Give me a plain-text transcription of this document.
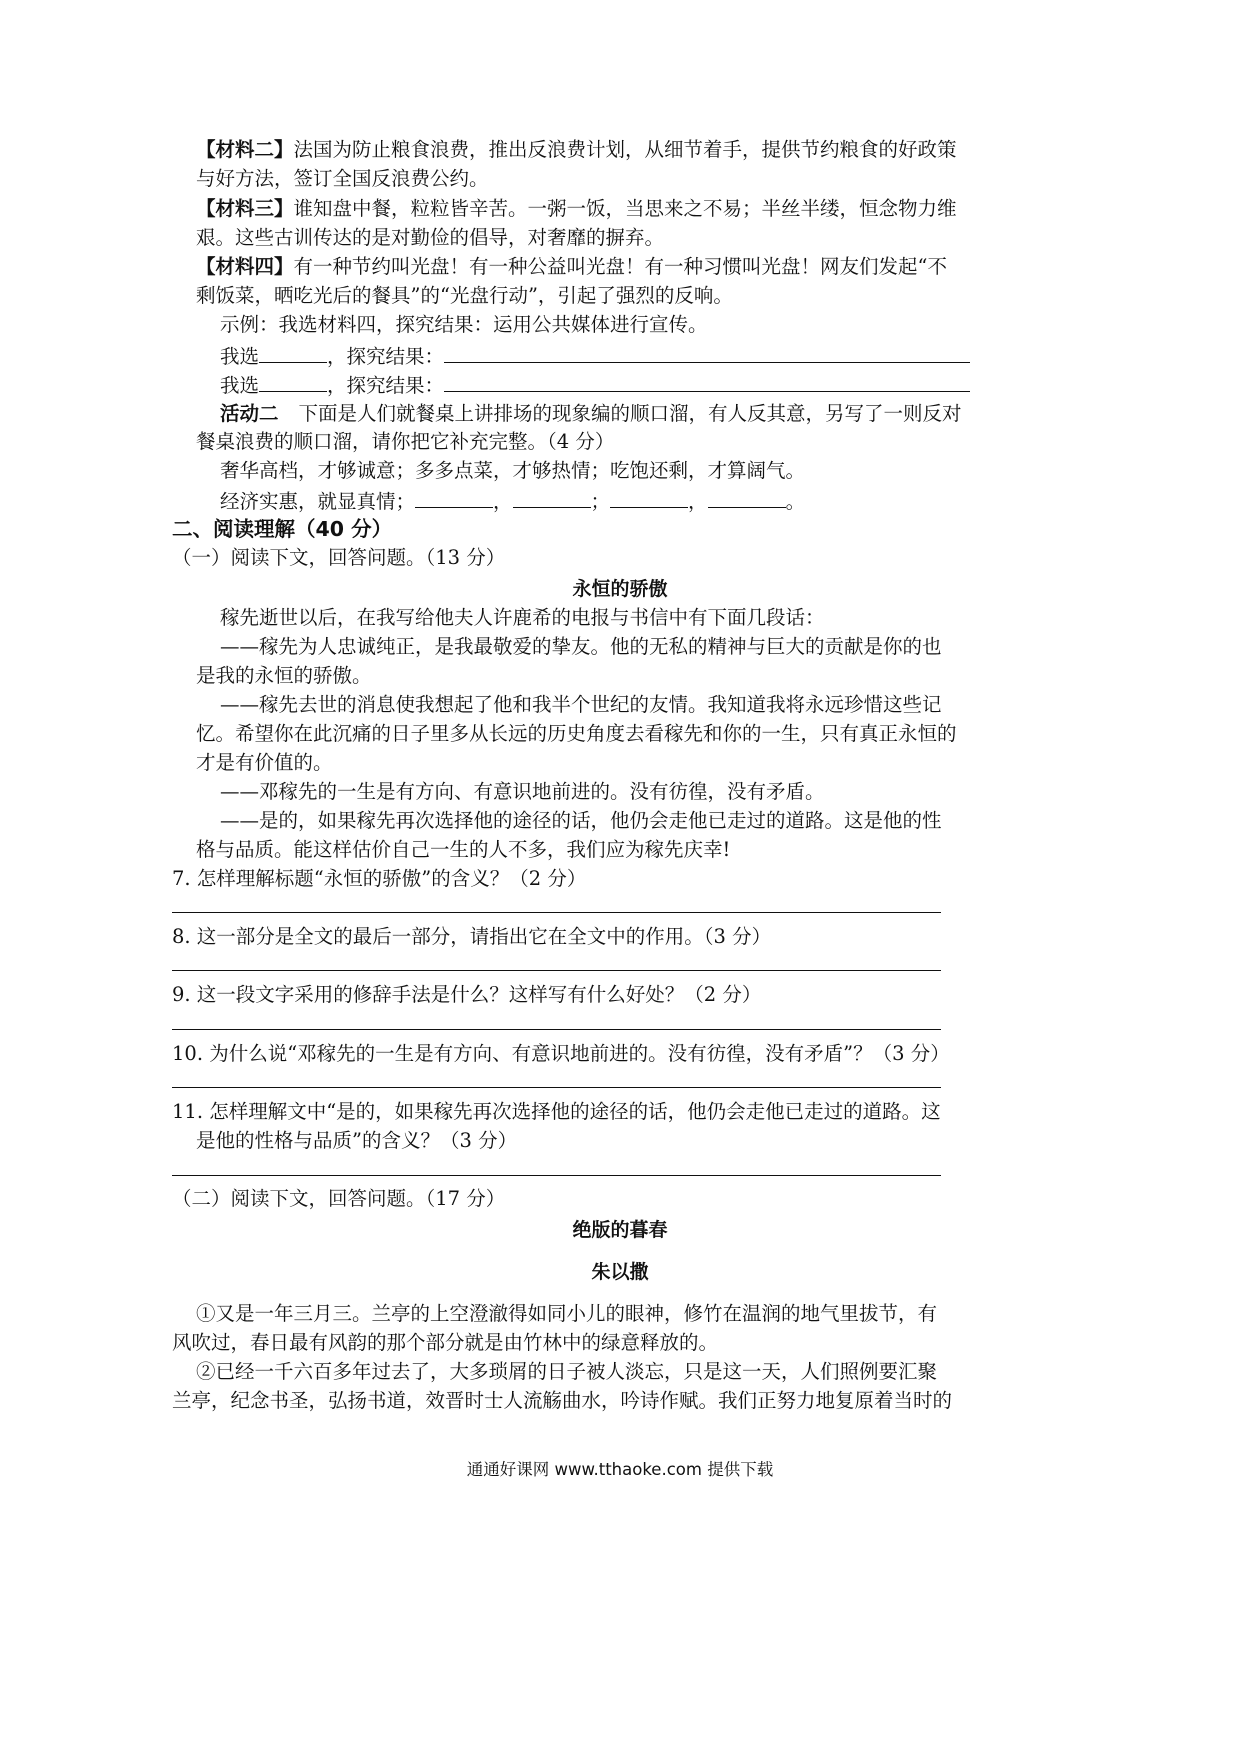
【材料二】法国为防止粮食浪费，推出反浪费计划，从细节着手，提供节约粮食的好政策
与好方法，签订全国反浪费公约。
【材料三】谁知盘中餐，粒粒皆辛苦。一粥一饭，当思来之不易；半丝半缕，恒念物力维
艰。这些古训传达的是对勤俭的倡导，对奢靡的摒弃。
【材料四】有一种节约叫光盘！有一种公益叫光盘！有一种习惯叫光盘！网友们发起“不
剩饭菜，晒吃光后的餐具”的“光盘行动”，引起了强烈的反响。
示例：我选材料四，探究结果：运用公共媒体进行宣传。
我选	，探究结果：
我选	，探究结果：
活动二 下面是人们就餐桌上讲排场的现象编的顺口溜，有人反其意，另写了一则反对
餐桌浪费的顺口溜，请你把它补充完整。（4 分）
奢华高档，才够诚意；多多点菜，才够热情；吃饱还剩，才算阔气。
经济实惠，就显真情；	，	；	，	。
二、阅读理解（40 分）
（一）阅读下文，回答问题。（13 分）
永恒的骄傲
稼先逝世以后，在我写给他夫人许鹿希的电报与书信中有下面几段话：
——稼先为人忠诚纯正，是我最敬爱的挚友。他的无私的精神与巨大的贡献是你的也
是我的永恒的骄傲。
——稼先去世的消息使我想起了他和我半个世纪的友情。我知道我将永远珍惜这些记
忆。希望你在此沉痛的日子里多从长远的历史角度去看稼先和你的一生，只有真正永恒的
才是有价值的。
——邓稼先的一生是有方向、有意识地前进的。没有彷徨，没有矛盾。
——是的，如果稼先再次选择他的途径的话，他仍会走他已走过的道路。这是他的性
格与品质。能这样估价自己一生的人不多，我们应为稼先庆幸!
7. 怎样理解标题“永恒的骄傲”的含义？（2 分）
8. 这一部分是全文的最后一部分，请指出它在全文中的作用。（3 分）
9. 这一段文字采用的修辞手法是什么？这样写有什么好处？（2 分）
10. 为什么说“邓稼先的一生是有方向、有意识地前进的。没有彷徨，没有矛盾”？（3 分）
11. 怎样理解文中“是的，如果稼先再次选择他的途径的话，他仍会走他已走过的道路。这
是他的性格与品质”的含义？（3 分）
（二）阅读下文，回答问题。（17 分）
绝版的暮春
朱以撒
①又是一年三月三。兰亭的上空澄澈得如同小儿的眼神，修竹在温润的地气里拔节，有
风吹过，春日最有风韵的那个部分就是由竹林中的绿意释放的。
②已经一千六百多年过去了，大多琐屑的日子被人淡忘，只是这一天，人们照例要汇聚
兰亭，纪念书圣，弘扬书道，效晋时士人流觞曲水，吟诗作赋。我们正努力地复原着当时的
通通好课网 www.tthaoke.com 提供下载
